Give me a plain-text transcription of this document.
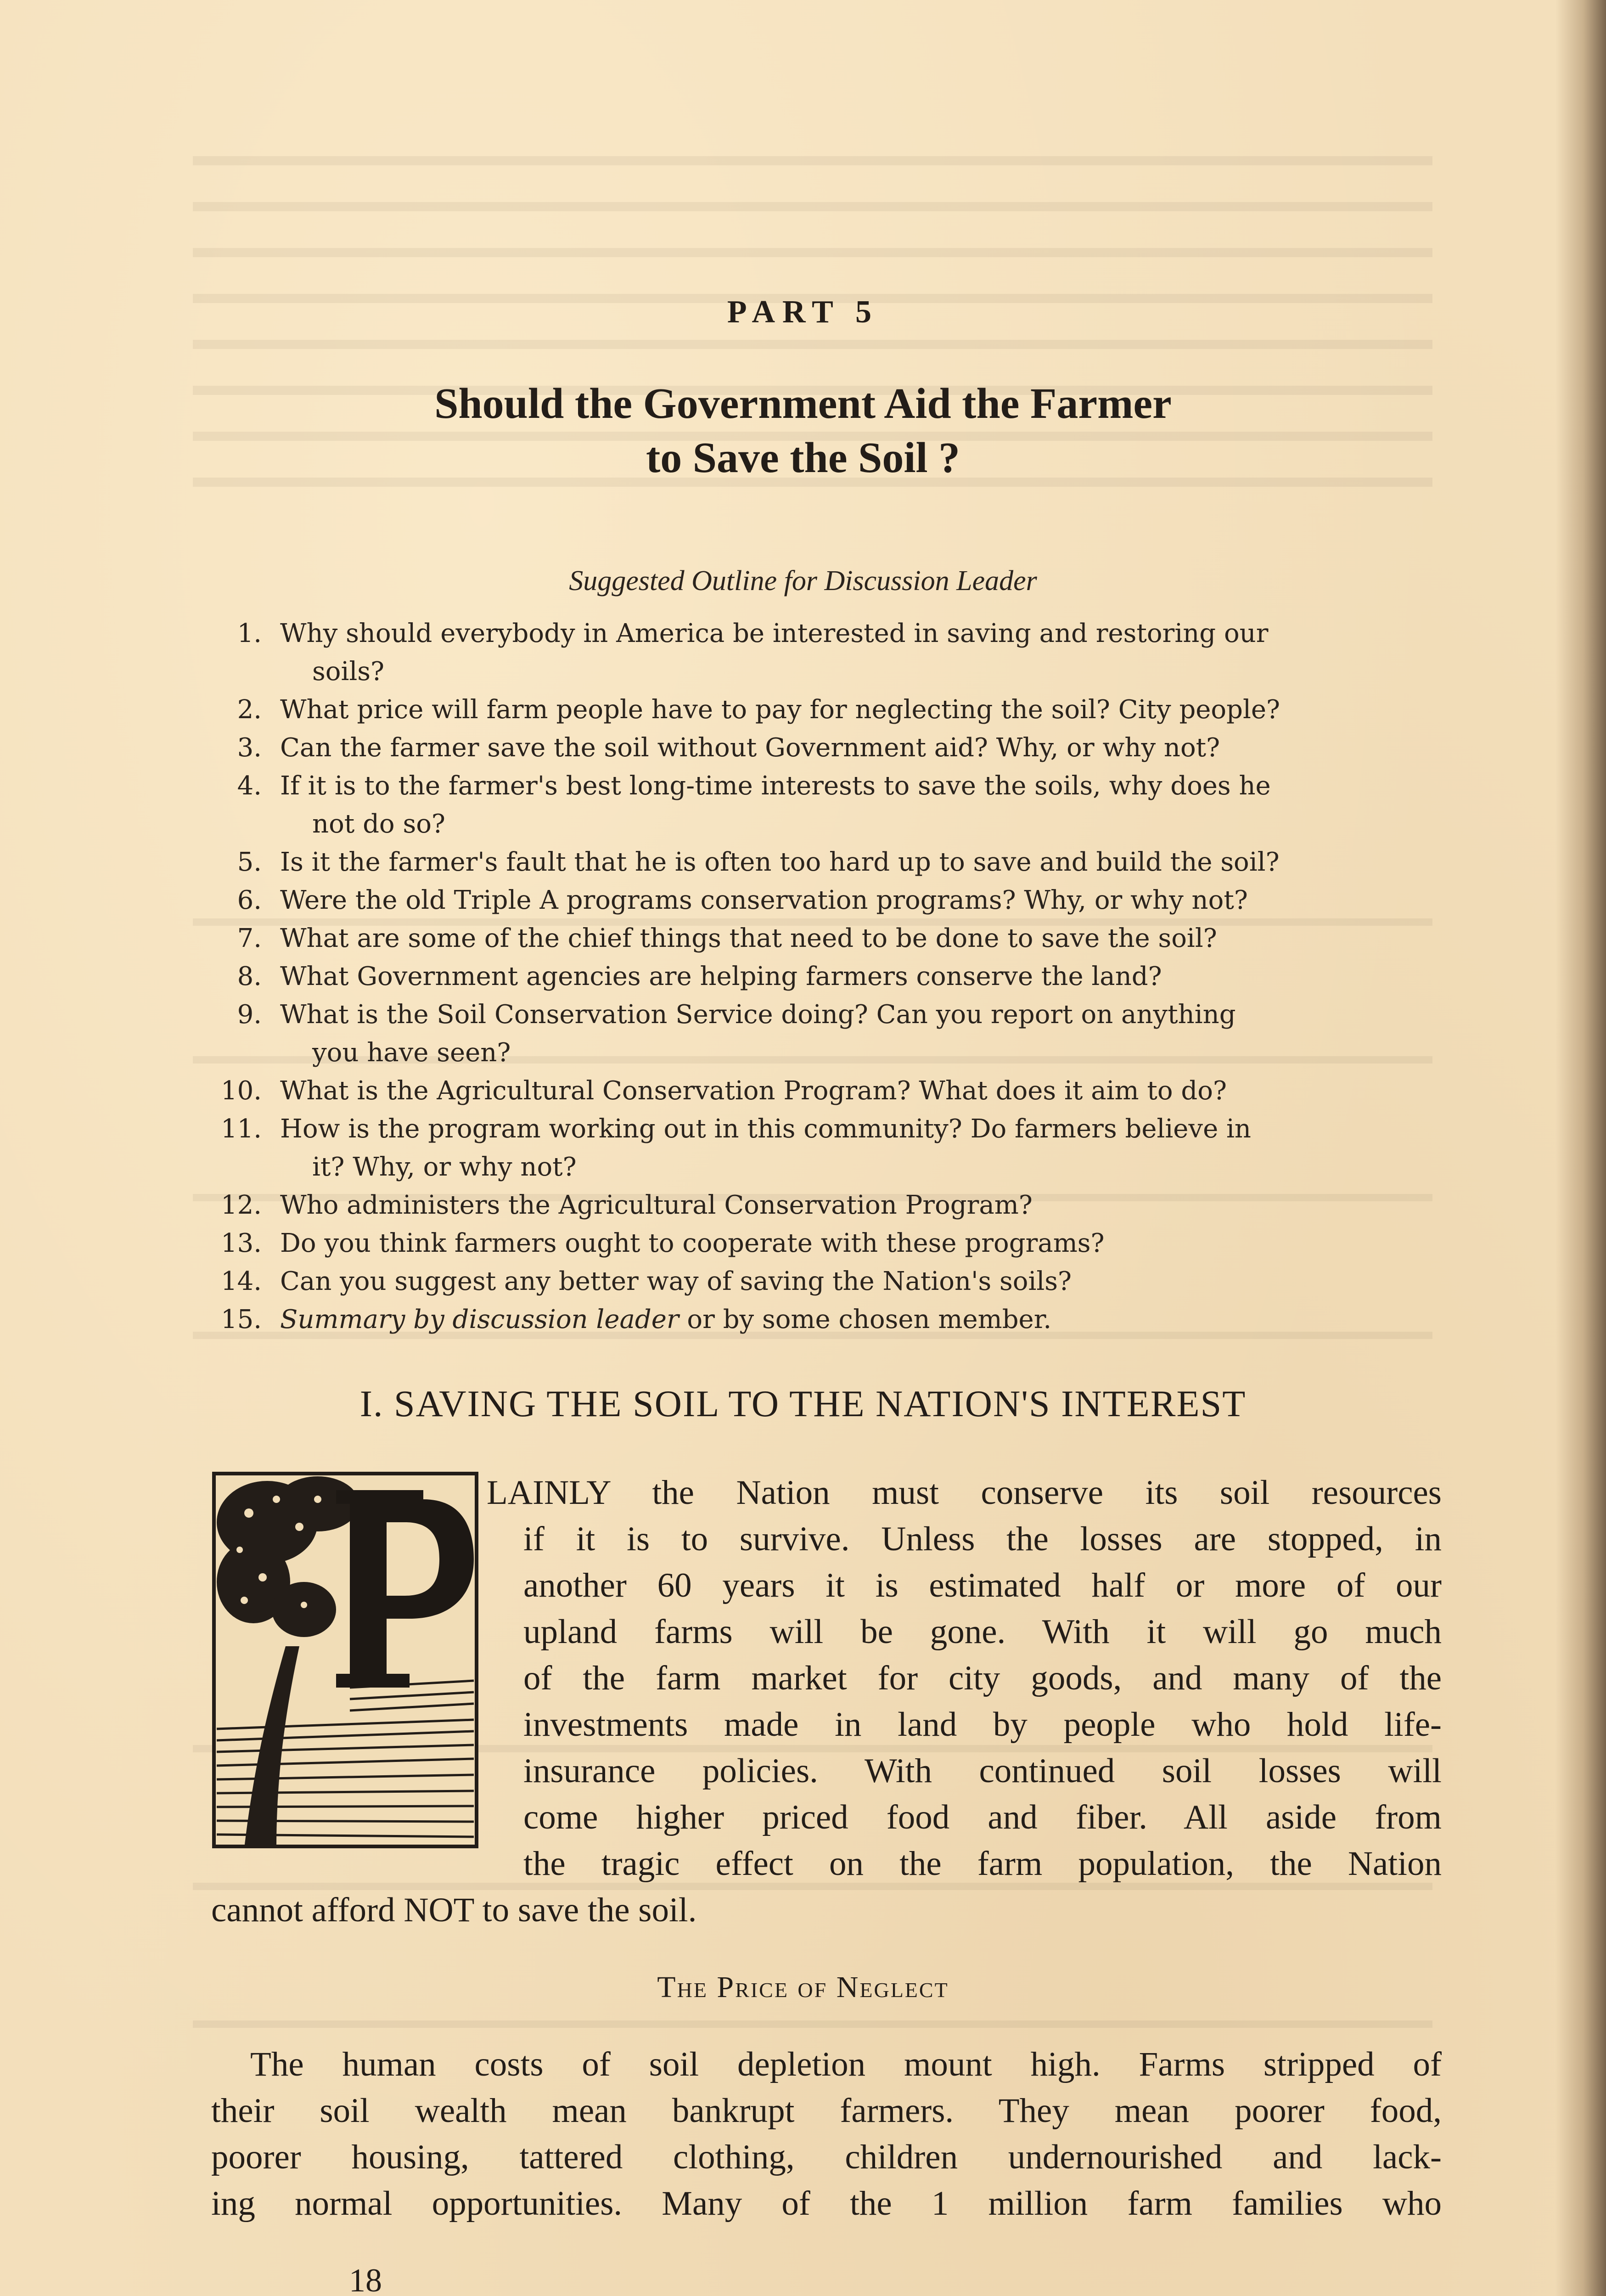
PART 5
Should the Government Aid the Farmer
to Save the Soil ?
Suggested Outline for Discussion Leader
1. Why should everybody in America be interested in saving and restoring our
soils?
2. What price will farm people have to pay for neglecting the soil? City people?
3. Can the farmer save the soil without Government aid? Why, or why not?
4. If it is to the farmer's best long-time interests to save the soils, why does he
not do so?
5. Is it the farmer's fault that he is often too hard up to save and build the soil?
6. Were the old Triple A programs conservation programs? Why, or why not?
7. What are some of the chief things that need to be done to save the soil?
8. What Government agencies are helping farmers conserve the land?
9. What is the Soil Conservation Service doing? Can you report on anything
you have seen?
10. What is the Agricultural Conservation Program? What does it aim to do?
11. How is the program working out in this community? Do farmers believe in
it? Why, or why not?
12. Who administers the Agricultural Conservation Program?
13. Do you think farmers ought to cooperate with these programs?
14. Can you suggest any better way of saving the Nation's soils?
15. Summary by discussion leader or by some chosen member.
I. SAVING THE SOIL TO THE NATION'S INTEREST
LAINLY the Nation must conserve its soil resources
if it is to survive. Unless the losses are stopped, in
another 60 years it is estimated half or more of our
upland farms will be gone. With it will go much
of the farm market for city goods, and many of the
investments made in land by people who hold life-
insurance policies. With continued soil losses will
come higher priced food and fiber. All aside from
the tragic effect on the farm population, the Nation
cannot afford NOT to save the soil.
The Price of Neglect
The human costs of soil depletion mount high. Farms stripped of
their soil wealth mean bankrupt farmers. They mean poorer food,
poorer housing, tattered clothing, children undernourished and lack-
ing normal opportunities. Many of the 1 million farm families who
18
